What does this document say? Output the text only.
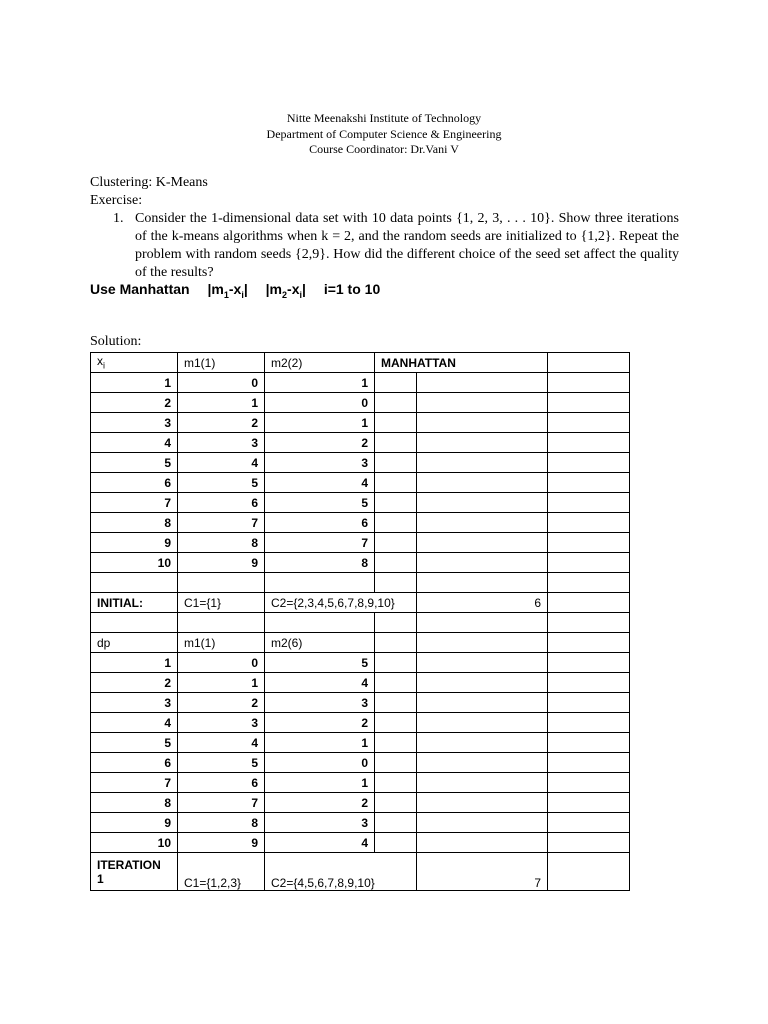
Nitte Meenakshi Institute of Technology
Department of Computer Science & Engineering
Course Coordinator: Dr.Vani V
Clustering: K-Means
Exercise:
1. Consider the 1-dimensional data set with 10 data points {1, 2, 3, . . . 10}. Show three iterations of the k-means algorithms when k = 2, and the random seeds are initialized to {1,2}. Repeat the problem with random seeds {2,9}. How did the different choice of the seed set affect the quality of the results?
Use Manhattan $|m_1-x_i|$ $|m_2-x_i|$ i=1 to 10
Solution:
$x_i$	m1(1)	m2(2)	MANHATTAN		
1	0	1			
2	1	0			
3	2	1			
4	3	2			
5	4	3			
6	5	4			
7	6	5			
8	7	6			
9	8	7			
10	9	8			

INITIAL:	C1={1}	C2={2,3,4,5,6,7,8,9,10}		6	

dp	m1(1)	m2(6)			
1	0	5			
2	1	4			
3	2	3			
4	3	2			
5	4	1			
6	5	0			
7	6	1			
8	7	2			
9	8	3			
10	9	4			

ITERATION
1	C1={1,2,3}	C2={4,5,6,7,8,9,10}		7	
